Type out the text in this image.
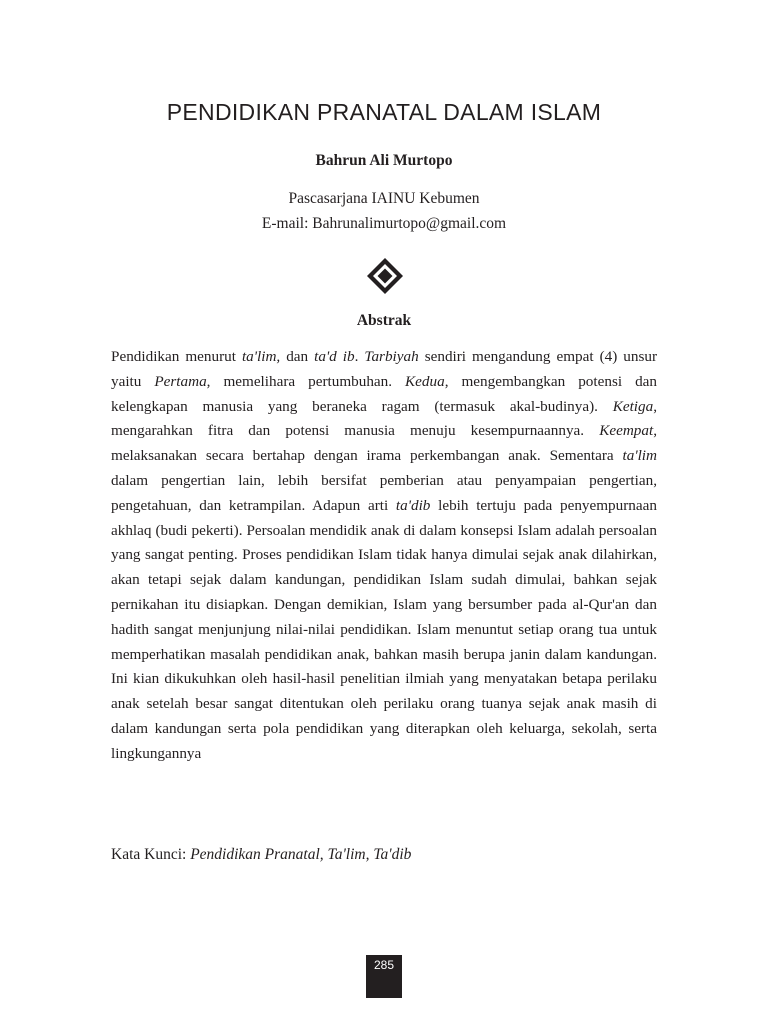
PENDIDIKAN PRANATAL DALAM ISLAM
Bahrun Ali Murtopo
Pascasarjana IAINU Kebumen
E-mail: Bahrunalimurtopo@gmail.com
Abstrak

Pendidikan menurut ta'lim, dan ta'd ib. Tarbiyah sendiri mengandung empat (4) unsur yaitu Pertama, memelihara pertumbuhan. Kedua, mengembangkan potensi dan kelengkapan manusia yang beraneka ragam (termasuk akal-budinya). Ketiga, mengarahkan fitra dan potensi manusia menuju kesempurnaannya. Keempat, melaksanakan secara bertahap dengan irama perkembangan anak. Sementara ta'lim dalam pengertian lain, lebih bersifat pemberian atau penyampaian pengertian, pengetahuan, dan ketrampilan. Adapun arti ta'dib lebih tertuju pada penyempurnaan akhlaq (budi pekerti). Persoalan mendidik anak di dalam konsepsi Islam adalah persoalan yang sangat penting. Proses pendidikan Islam tidak hanya dimulai sejak anak dilahirkan, akan tetapi sejak dalam kandungan, pendidikan Islam sudah dimulai, bahkan sejak pernikahan itu disiapkan. Dengan demikian, Islam yang bersumber pada al-Qur'an dan hadith sangat menjunjung nilai-nilai pendidikan. Islam menuntut setiap orang tua untuk memperhatikan masalah pendidikan anak, bahkan masih berupa janin dalam kandungan. Ini kian dikukuhkan oleh hasil-hasil penelitian ilmiah yang menyatakan betapa perilaku anak setelah besar sangat ditentukan oleh perilaku orang tuanya sejak anak masih di dalam kandungan serta pola pendidikan yang diterapkan oleh keluarga, sekolah, serta lingkungannya

Kata Kunci: Pendidikan Pranatal, Ta'lim, Ta'dib
285
